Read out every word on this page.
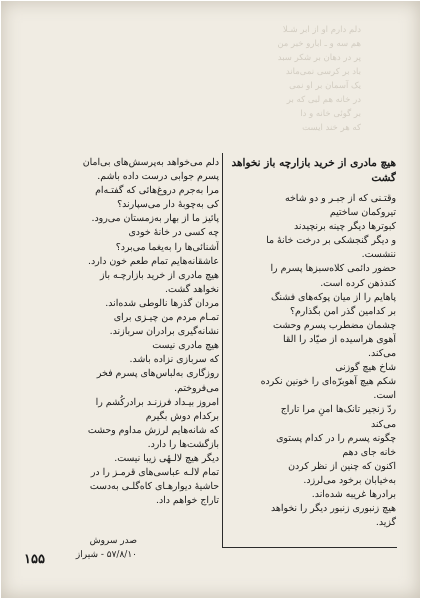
دلم دارم او از ابر شـلا
هم سه و ـ ابارو خبر من
پر در دهان بر شکر سبد
باد بر کرسی نمی‌ماند
یک آسمان بر او نمی
در خانه هم لبی که بر
بر گوئی خانه و دا
که هر خند ایست
هیچ مادری از خرید بازارچه باز نخواهد گشت
وقتـنی که از جبـر و دو شاخه
تیروکمان ساختیم
کبوترها دیگر چینه برنچیدند
و دیگر گنجشکی بر درخت خانهٔ ما
ننشست.
حضور دائمی کلاه‌سبزها پسرم را
کندذهن کرده است.
پاهایم را از میان پوکه‌های فشنگ
بر کدامین گذر امن بگذارم؟
چشمان مضطرب پسرم وحشت
آهوی هراسیده از صیّاد را القا
می‌کند.
شاخ هیچ گوزنی
شکم هیچ آهوبرّه‌ای را خونین نکرده
است.
ردّ زنجیر تانک‌ها امنِ مرا تاراج
می‌کند
چگونه پسرم را در کدام پستوی
خانه جای دهم
اکنون که چنین از نظر کردن
به‌خیابان برخود می‌لرزد.
برادرها غریبه شده‌اند.
هیچ زنبوری زنبور دیگر را نخواهد
گزید.
دلم می‌خواهد به‌پرسش‌های بی‌امان
پسرم جوابی درست داده باشم.
مرا به‌جرم دروغ‌هائی که گفتـه‌ام
کی به‌چوبهٔ دار می‌سپارند؟
پائیز ما از بهار به‌زمستان می‌رود.
چه کسی در خانهٔ خودی
آشنائی‌ها را به‌یغما می‌برد؟
عاشقانه‌هایم تمام طعم خون دارد.
هیچ مادری از خرید بازارچـه باز
نخواهد گشت.
مردان گذرها نالوطی شده‌اند.
تمـام مردم من چیـزی برای
نشانه‌گیری برادران سربازند.
هیچ مادری نیست
که سربازی نزاده باشد.
روزگاری به‌لباس‌های پسرم فخر
می‌فروختم.
امروز بیـداد فرزنـد برادرکُشم را
برکدام دوش بگیرم
که شانه‌هایم لرزش مداوم وحشت
بازگشت‌ها را دارد.
دیگر هیچ لالـهٔی زیبا نیست.
تمام لالـه عباسی‌های قرمـز را در
حاشیهٔ دیوارهـای کاه‌گلـی به‌دست
تاراج خواهم داد.
صدر سروش
۵۷/۸/۱۰ - شیراز
۱۵۵
